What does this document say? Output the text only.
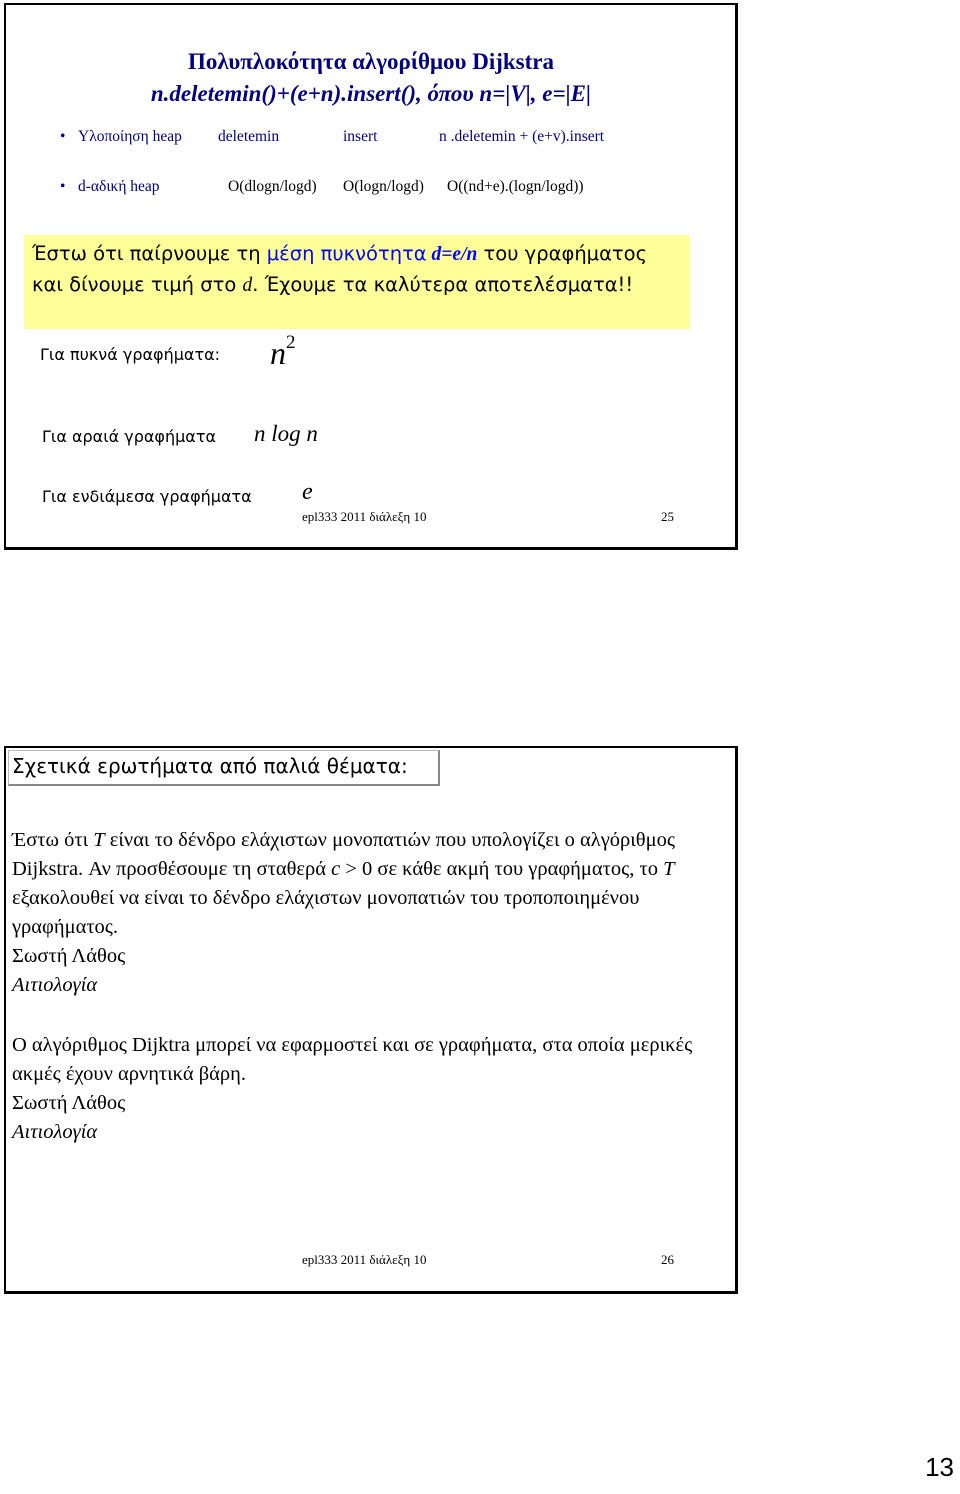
Πολυπλοκότητα αλγορίθμου Dijkstra
n.deletemin()+(e+n).insert(), όπου n=|V|, e=|E|
• Υλοποίηση heap deletemin	insert	n .deletemin + (e+v).insert
• d-αδική heap	O(dlogn/logd) O(logn/logd) O((nd+e).(logn/logd))
Έστω ότι παίρνουμε τη μέση πυκνότητα d=e/n του γραφήματος και δίνουμε τιμή στο d. Έχουμε τα καλύτερα αποτελέσματα!!
Για πυκνά γραφήματα: $n^2$
Για αραιά γραφήματα n log n
Για ενδιάμεσα γραφήματα e
epl333 2011 διάλεξη 10	25
Σχετικά ερωτήματα από παλιά θέματα:
Έστω ότι T είναι το δένδρο ελάχιστων μονοπατιών που υπολογίζει ο αλγόριθμος Dijkstra. Αν προσθέσουμε τη σταθερά c > 0 σε κάθε ακμή του γραφήματος, το T εξακολουθεί να είναι το δένδρο ελάχιστων μονοπατιών του τροποποιημένου γραφήματος.
Σωστή Λάθος
Αιτιολογία
Ο αλγόριθμος Dijktra μπορεί να εφαρμοστεί και σε γραφήματα, στα οποία μερικές ακμές έχουν αρνητικά βάρη.
Σωστή Λάθος
Αιτιολογία
epl333 2011 διάλεξη 10	26
13
